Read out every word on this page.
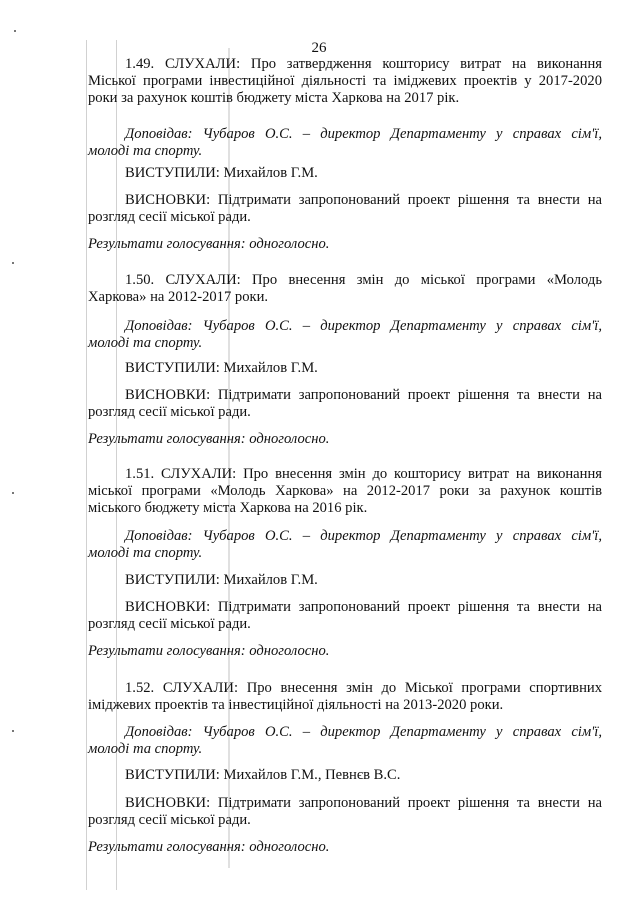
26
1.49. СЛУХАЛИ: Про затвердження кошторису витрат на виконання
Міської програми інвестиційної діяльності та іміджевих проектів у 2017-2020
роки за рахунок коштів бюджету міста Харкова на 2017 рік.
Доповідав: Чубаров О.С. – директор Департаменту у справах сім'ї,
молоді та спорту.
ВИСТУПИЛИ: Михайлов Г.М.
ВИСНОВКИ: Підтримати запропонований проект рішення та внести на
розгляд сесії міської ради.
Результати голосування: одноголосно.
1.50. СЛУХАЛИ: Про внесення змін до міської програми «Молодь
Харкова» на 2012-2017 роки.
Доповідав: Чубаров О.С. – директор Департаменту у справах сім'ї,
молоді та спорту.
ВИСТУПИЛИ: Михайлов Г.М.
ВИСНОВКИ: Підтримати запропонований проект рішення та внести на
розгляд сесії міської ради.
Результати голосування: одноголосно.
1.51. СЛУХАЛИ: Про внесення змін до кошторису витрат на виконання
міської програми «Молодь Харкова» на 2012-2017 роки за рахунок коштів
міського бюджету міста Харкова на 2016 рік.
Доповідав: Чубаров О.С. – директор Департаменту у справах сім'ї,
молоді та спорту.
ВИСТУПИЛИ: Михайлов Г.М.
ВИСНОВКИ: Підтримати запропонований проект рішення та внести на
розгляд сесії міської ради.
Результати голосування: одноголосно.
1.52. СЛУХАЛИ: Про внесення змін до Міської програми спортивних
іміджевих проектів та інвестиційної діяльності на 2013-2020 роки.
Доповідав: Чубаров О.С. – директор Департаменту у справах сім'ї,
молоді та спорту.
ВИСТУПИЛИ: Михайлов Г.М., Певнєв В.С.
ВИСНОВКИ: Підтримати запропонований проект рішення та внести на
розгляд сесії міської ради.
Результати голосування: одноголосно.
